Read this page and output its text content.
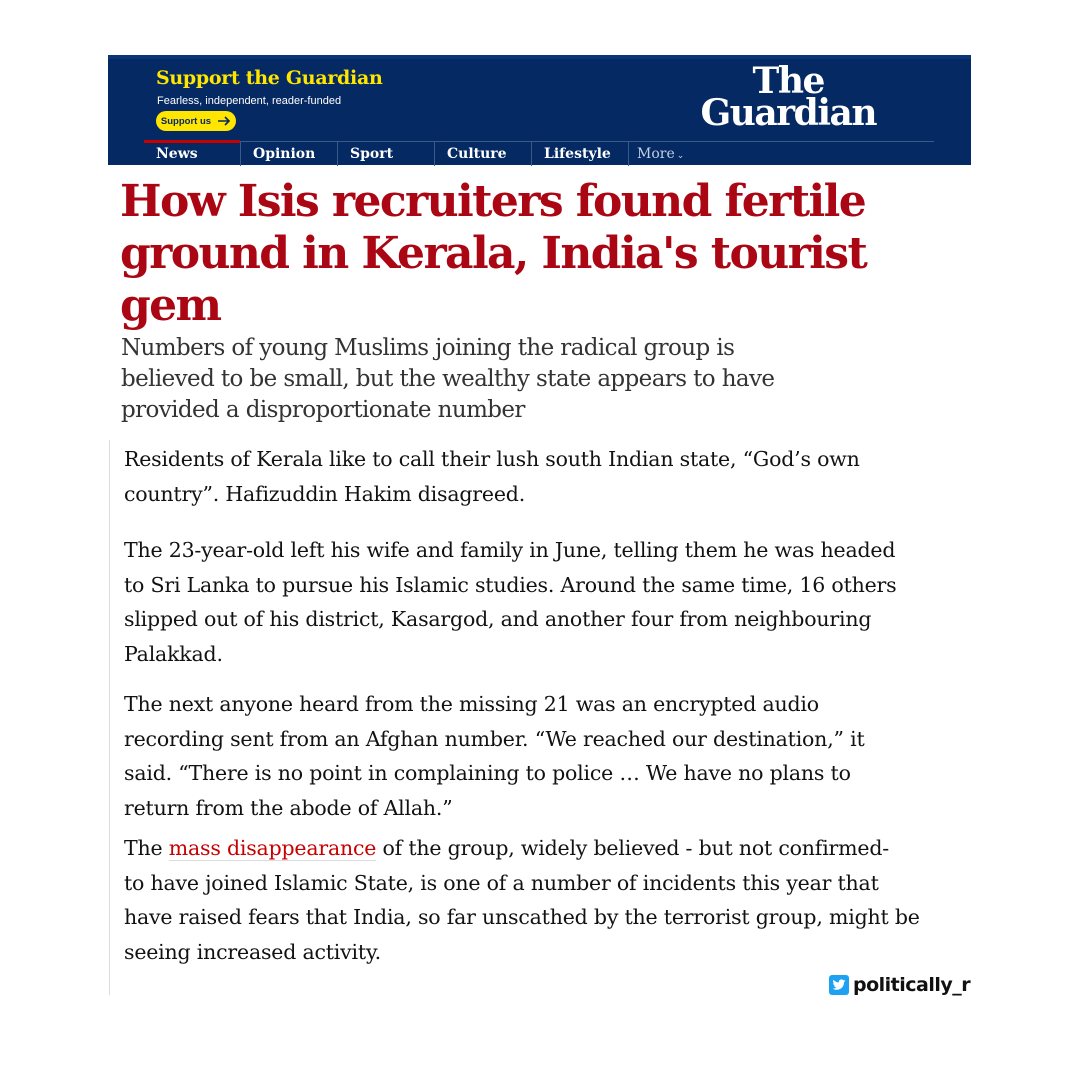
Support the Guardian
Fearless, independent, reader-funded
Support us
The
Guardian
News	Opinion	Sport	Culture	Lifestyle	More ⌄
How Isis recruiters found fertile
ground in Kerala, India's tourist gem
Numbers of young Muslims joining the radical group is
believed to be small, but the wealthy state appears to have
provided a disproportionate number

Residents of Kerala like to call their lush south Indian state, “God’s own

country”. Hafizuddin Hakim disagreed.

The 23-year-old left his wife and family in June, telling them he was headed

to Sri Lanka to pursue his Islamic studies. Around the same time, 16 others

slipped out of his district, Kasargod, and another four from neighbouring

Palakkad.

The next anyone heard from the missing 21 was an encrypted audio

recording sent from an Afghan number. “We reached our destination,” it

said. “There is no point in complaining to police … We have no plans to

return from the abode of Allah.”

The mass disappearance of the group, widely believed - but not confirmed-

to have joined Islamic State, is one of a number of incidents this year that

have raised fears that India, so far unscathed by the terrorist group, might be

seeing increased activity.

politically_r
